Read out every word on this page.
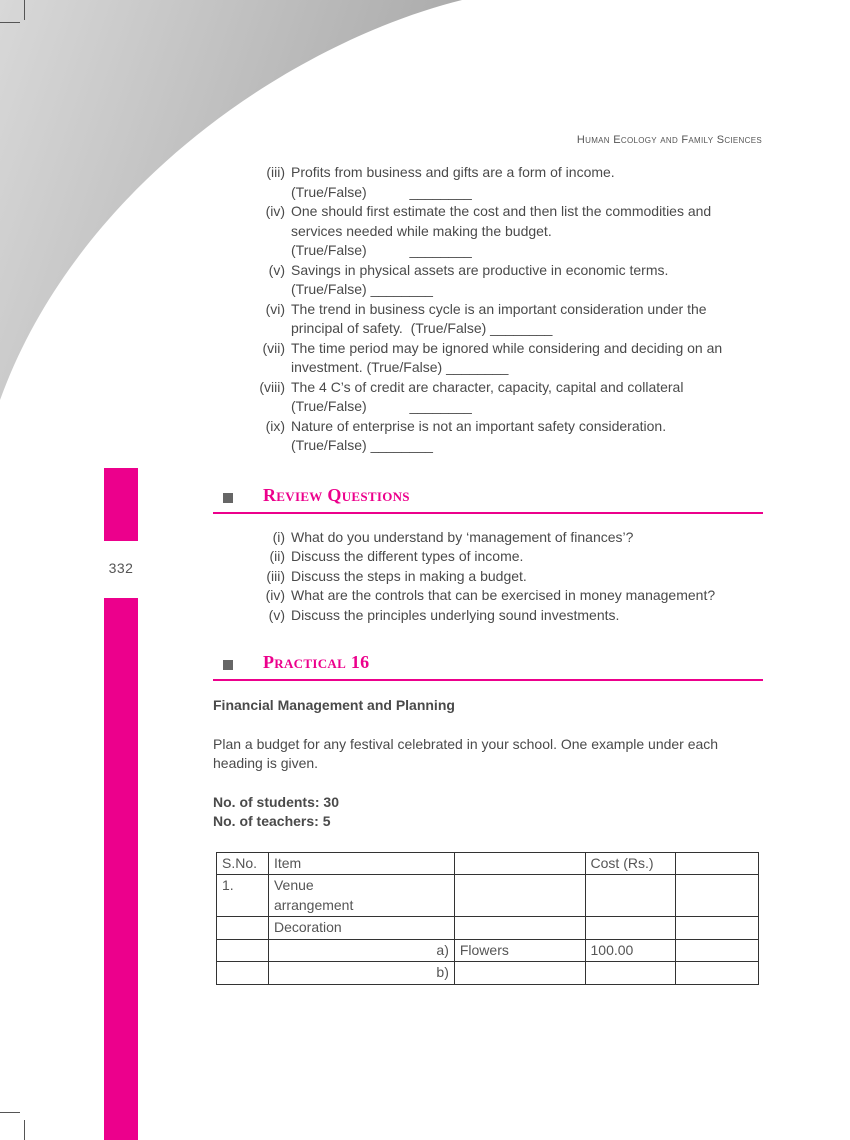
332
Human Ecology and Family Sciences
(iii) Profits from business and gifts are a form of income.
(True/False)           ________
(iv) One should first estimate the cost and then list the commodities and
services needed while making the budget.
(True/False)           ________
(v) Savings in physical assets are productive in economic terms.
(True/False) ________
(vi) The trend in business cycle is an important consideration under the
principal of safety.  (True/False) ________
(vii) The time period may be ignored while considering and deciding on an
investment. (True/False) ________
(viii) The 4 C’s of credit are character, capacity, capital and collateral
(True/False)           ________
(ix) Nature of enterprise is not an important safety consideration.
(True/False) ________
Review Questions
(i) What do you understand by ‘management of finances’?
(ii) Discuss the different types of income.
(iii) Discuss the steps in making a budget.
(iv) What are the controls that can be exercised in money management?
(v) Discuss the principles underlying sound investments.
Practical 16
Financial Management and Planning
Plan a budget for any festival celebrated in your school. One example under each heading is given.
No. of students: 30
No. of teachers: 5
S.No.	Item		Cost (Rs.)	
1.	Venue arrangement			
	Decoration			
	a)	Flowers	100.00	
	b)			
